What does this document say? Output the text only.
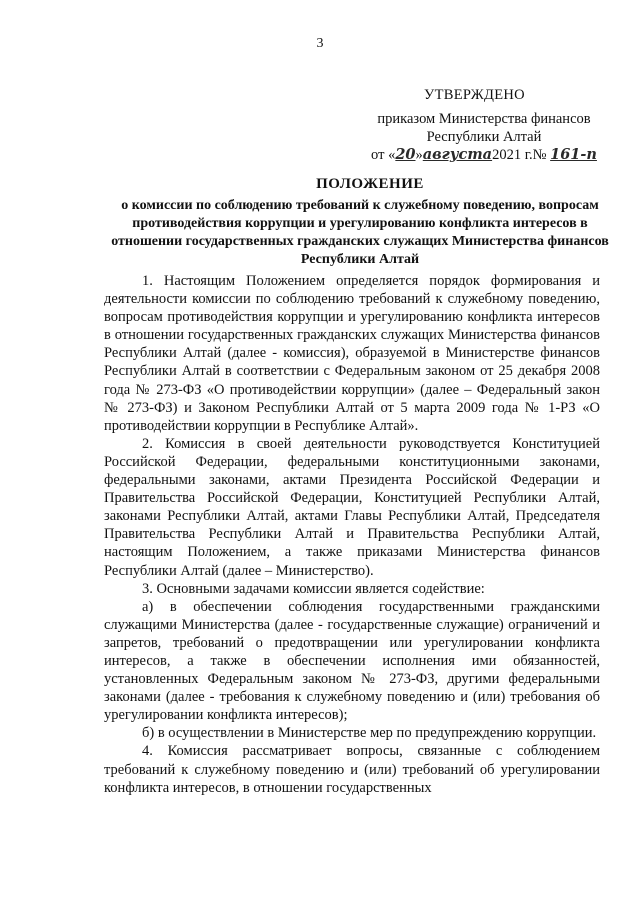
3
УТВЕРЖДЕНО
приказом Министерства финансов
Республики Алтай
от «20»августа2021 г.№ 161-п
ПОЛОЖЕНИЕ
о комиссии по соблюдению требований к служебному поведению, вопросам противодействия коррупции и урегулированию конфликта интересов в отношении государственных гражданских служащих Министерства финансов Республики Алтай

1. Настоящим Положением определяется порядок формирования и деятельности комиссии по соблюдению требований к служебному поведению, вопросам противодействия коррупции и урегулированию конфликта интересов в отношении государственных гражданских служащих Министерства финансов Республики Алтай (далее - комиссия), образуемой в Министерстве финансов Республики Алтай в соответствии с Федеральным законом от 25 декабря 2008 года № 273-ФЗ «О противодействии коррупции» (далее – Федеральный закон № 273-ФЗ) и Законом Республики Алтай от 5 марта 2009 года № 1-РЗ «О противодействии коррупции в Республике Алтай».

2. Комиссия в своей деятельности руководствуется Конституцией Российской Федерации, федеральными конституционными законами, федеральными законами, актами Президента Российской Федерации и Правительства Российской Федерации, Конституцией Республики Алтай, законами Республики Алтай, актами Главы Республики Алтай, Председателя Правительства Республики Алтай и Правительства Республики Алтай, настоящим Положением, а также приказами Министерства финансов Республики Алтай (далее – Министерство).

3. Основными задачами комиссии является содействие:

а) в обеспечении соблюдения государственными гражданскими служащими Министерства (далее - государственные служащие) ограничений и запретов, требований о предотвращении или урегулировании конфликта интересов, а также в обеспечении исполнения ими обязанностей, установленных Федеральным законом № 273-ФЗ, другими федеральными законами (далее - требования к служебному поведению и (или) требования об урегулировании конфликта интересов);

б) в осуществлении в Министерстве мер по предупреждению коррупции.

4. Комиссия рассматривает вопросы, связанные с соблюдением требований к служебному поведению и (или) требований об урегулировании конфликта интересов, в отношении государственных
